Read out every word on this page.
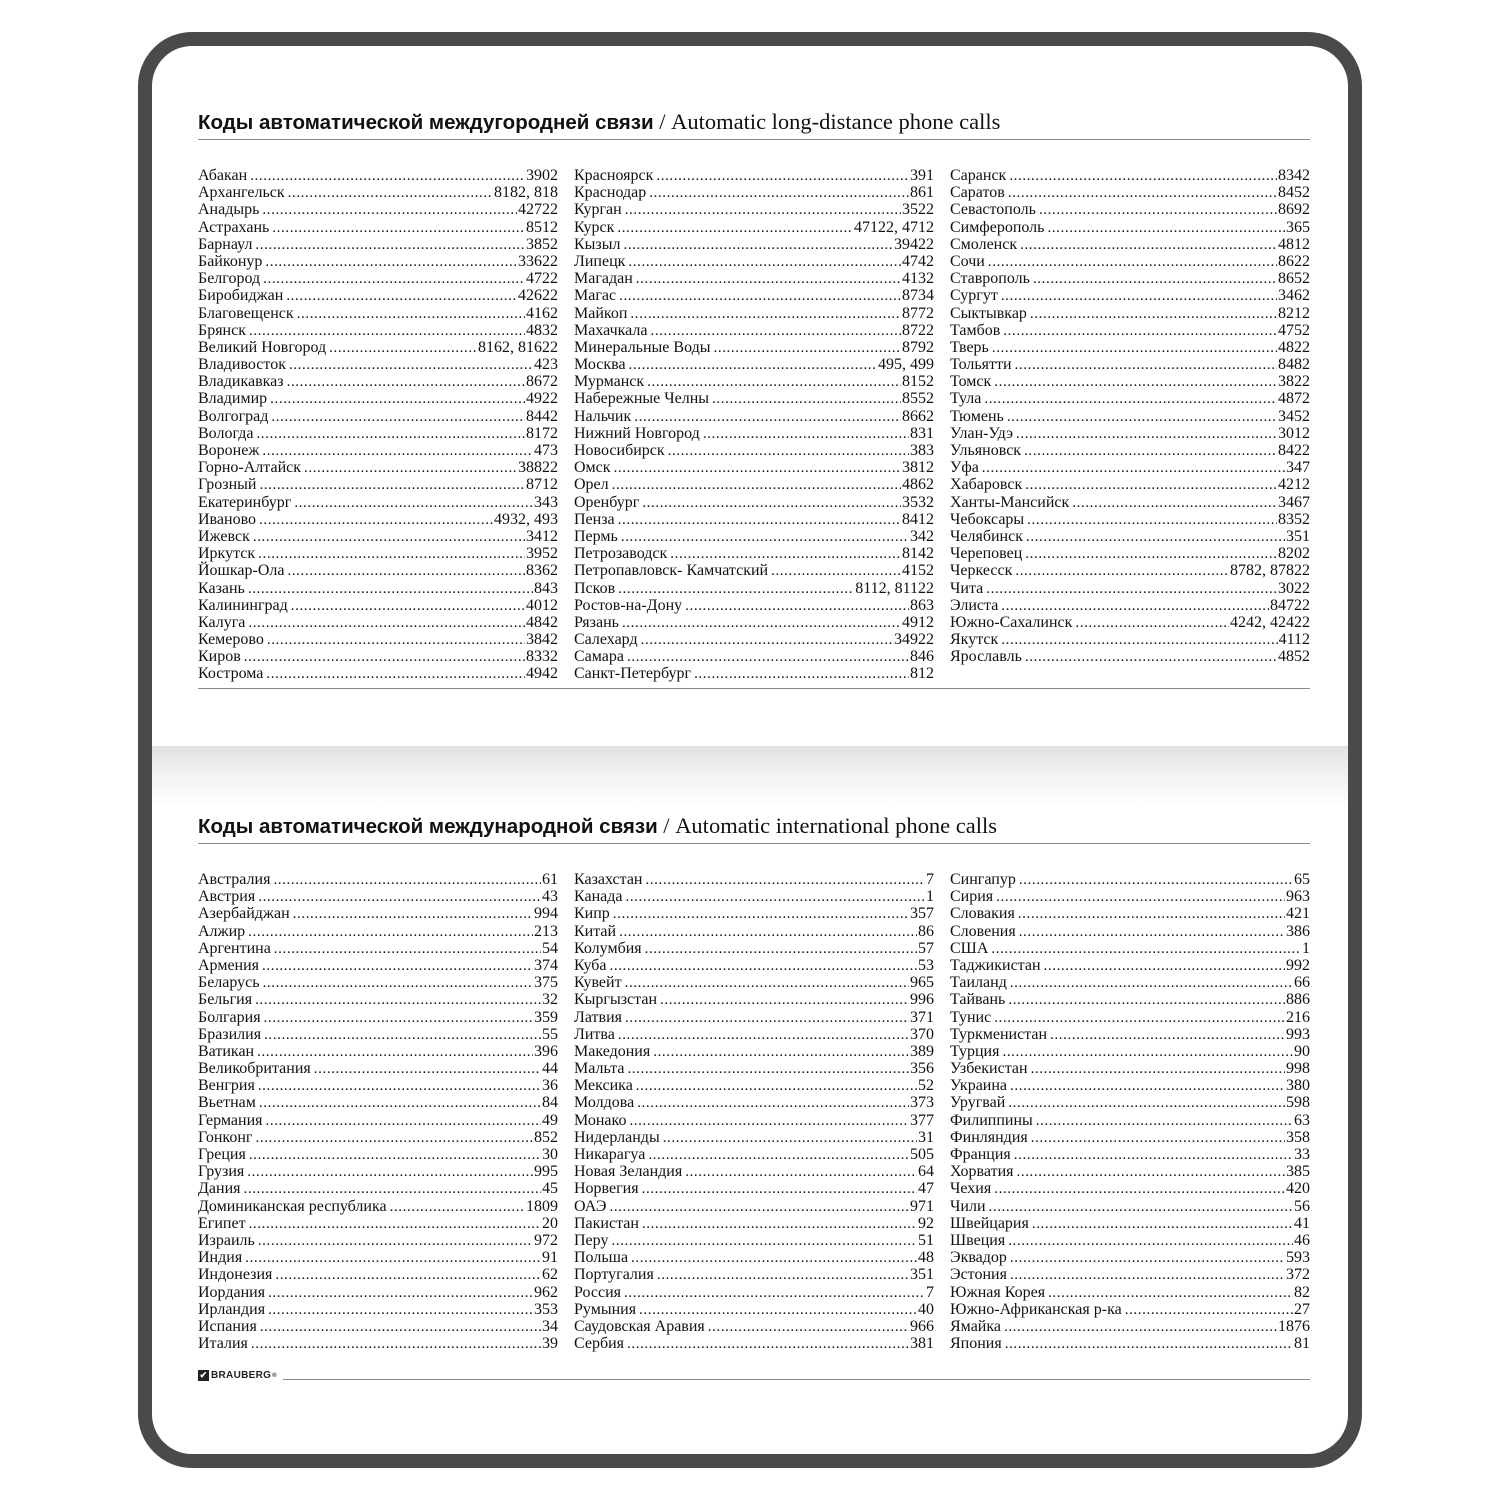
Коды автоматической междугородней связи / Automatic long-distance phone calls
Абакан .....	3902
Архангельск .....	8182, 818
Анадырь .....	42722
Астрахань .....	8512
Барнаул .....	3852
Байконур .....	33622
Белгород .....	4722
Биробиджан .....	42622
Благовещенск .....	4162
Брянск .....	4832
Великий Новгород .....	8162, 81622
Владивосток .....	423
Владикавказ .....	8672
Владимир .....	4922
Волгоград .....	8442
Вологда .....	8172
Воронеж .....	473
Горно-Алтайск .....	38822
Грозный .....	8712
Екатеринбург .....	343
Иваново .....	4932, 493
Ижевск .....	3412
Иркутск .....	3952
Йошкар-Ола .....	8362
Казань .....	843
Калининград .....	4012
Калуга .....	4842
Кемерово .....	3842
Киров .....	8332
Кострома .....	4942
Красноярск .....	391
Краснодар .....	861
Курган .....	3522
Курск .....	47122, 4712
Кызыл .....	39422
Липецк .....	4742
Магадан .....	4132
Магас .....	8734
Майкоп .....	8772
Махачкала .....	8722
Минеральные Воды .....	8792
Москва .....	495, 499
Мурманск .....	8152
Набережные Челны .....	8552
Нальчик .....	8662
Нижний Новгород .....	831
Новосибирск .....	383
Омск .....	3812
Орел .....	4862
Оренбург .....	3532
Пенза .....	8412
Пермь .....	342
Петрозаводск .....	8142
Петропавловск- Камчатский .....	4152
Псков .....	8112, 81122
Ростов-на-Дону .....	863
Рязань .....	4912
Салехард .....	34922
Самара .....	846
Санкт-Петербург .....	812
Саранск .....	8342
Саратов .....	8452
Севастополь .....	8692
Симферополь .....	365
Смоленск .....	4812
Сочи .....	8622
Ставрополь .....	8652
Сургут .....	3462
Сыктывкар .....	8212
Тамбов .....	4752
Тверь .....	4822
Тольятти .....	8482
Томск .....	3822
Тула .....	4872
Тюмень .....	3452
Улан-Удэ .....	3012
Ульяновск .....	8422
Уфа .....	347
Хабаровск .....	4212
Ханты-Мансийск .....	3467
Чебоксары .....	8352
Челябинск .....	351
Череповец .....	8202
Черкесск .....	8782, 87822
Чита .....	3022
Элиста .....	84722
Южно-Сахалинск .....	4242, 42422
Якутск .....	4112
Ярославль .....	4852
Коды автоматической международной связи / Automatic international phone calls
Австралия .....	61
Австрия .....	43
Азербайджан .....	994
Алжир .....	213
Аргентина .....	54
Армения .....	374
Беларусь .....	375
Бельгия .....	32
Болгария .....	359
Бразилия .....	55
Ватикан .....	396
Великобритания .....	44
Венгрия .....	36
Вьетнам .....	84
Германия .....	49
Гонконг .....	852
Греция .....	30
Грузия .....	995
Дания .....	45
Доминиканская республика .....	1809
Египет .....	20
Израиль .....	972
Индия .....	91
Индонезия .....	62
Иордания .....	962
Ирландия .....	353
Испания .....	34
Италия .....	39
Казахстан .....	7
Канада .....	1
Кипр .....	357
Китай .....	86
Колумбия .....	57
Куба .....	53
Кувейт .....	965
Кыргызстан .....	996
Латвия .....	371
Литва .....	370
Македония .....	389
Мальта .....	356
Мексика .....	52
Молдова .....	373
Монако .....	377
Нидерланды .....	31
Никарагуа .....	505
Новая Зеландия .....	64
Норвегия .....	47
ОАЭ .....	971
Пакистан .....	92
Перу .....	51
Польша .....	48
Португалия .....	351
Россия .....	7
Румыния .....	40
Саудовская Аравия .....	966
Сербия .....	381
Сингапур .....	65
Сирия .....	963
Словакия .....	421
Словения .....	386
США .....	1
Таджикистан .....	992
Таиланд .....	66
Тайвань .....	886
Тунис .....	216
Туркменистан .....	993
Турция .....	90
Узбекистан .....	998
Украина .....	380
Уругвай .....	598
Филиппины .....	63
Финляндия .....	358
Франция .....	33
Хорватия .....	385
Чехия .....	420
Чили .....	56
Швейцария .....	41
Швеция .....	46
Эквадор .....	593
Эстония .....	372
Южная Корея .....	82
Южно-Африканская р-ка .....	27
Ямайка .....	1876
Япония .....	81
✔ BRAUBERG ®
